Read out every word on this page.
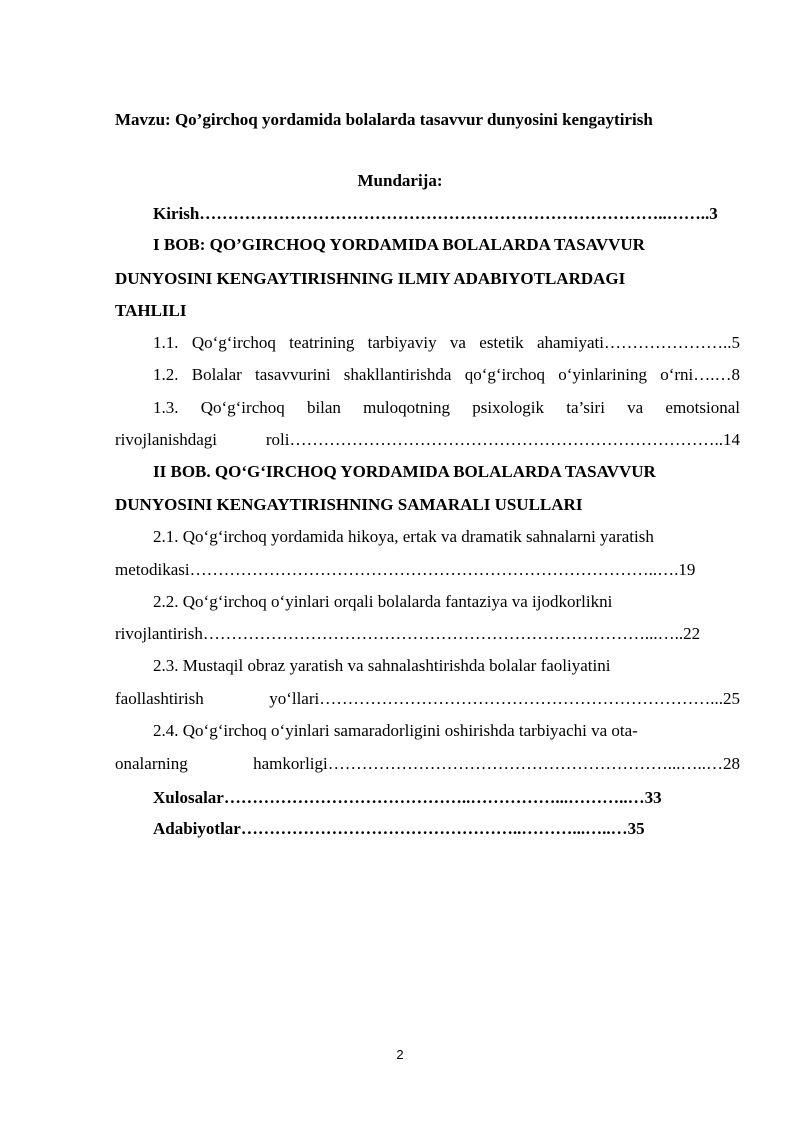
Mavzu: Qo’girchoq yordamida bolalarda tasavvur dunyosini kengaytirish
Mundarija:
Kirish………………………………………………………………………..……..3
I BOB: QO’GIRCHOQ YORDAMIDA BOLALARDA TASAVVUR
DUNYOSINI KENGAYTIRISHNING ILMIY ADABIYOTLARDAGI
TAHLILI
1.1. Qo‘g‘irchoq teatrining tarbiyaviy va estetik ahamiyati…………………..5
1.2. Bolalar tasavvurini shakllantirishda qo‘g‘irchoq o‘yinlarining o‘rni….…8
1.3. Qo‘g‘irchoq bilan muloqotning psixologik ta’siri va emotsional
rivojlanishdagi roli…………………………………………………………………..14
II BOB. QO‘G‘IRCHOQ YORDAMIDA BOLALARDA TASAVVUR
DUNYOSINI KENGAYTIRISHNING SAMARALI USULLARI
2.1. Qo‘g‘irchoq yordamida hikoya, ertak va dramatik sahnalarni yaratish
metodikasi………………………………………………………………………..….19
2.2. Qo‘g‘irchoq o‘yinlari orqali bolalarda fantaziya va ijodkorlikni
rivojlantirish……………………………………………………………………...…..22
2.3. Mustaqil obraz yaratish va sahnalashtirishda bolalar faoliyatini
faollashtirish yo‘llari……………………………………………………………...25
2.4. Qo‘g‘irchoq o‘yinlari samaradorligini oshirishda tarbiyachi va ota-
onalarning hamkorligi……………………………………………………...…..…28
Xulosalar……………………………………..……………...………..…33
Adabiyotlar…………………………………………..………...…..…35
2
